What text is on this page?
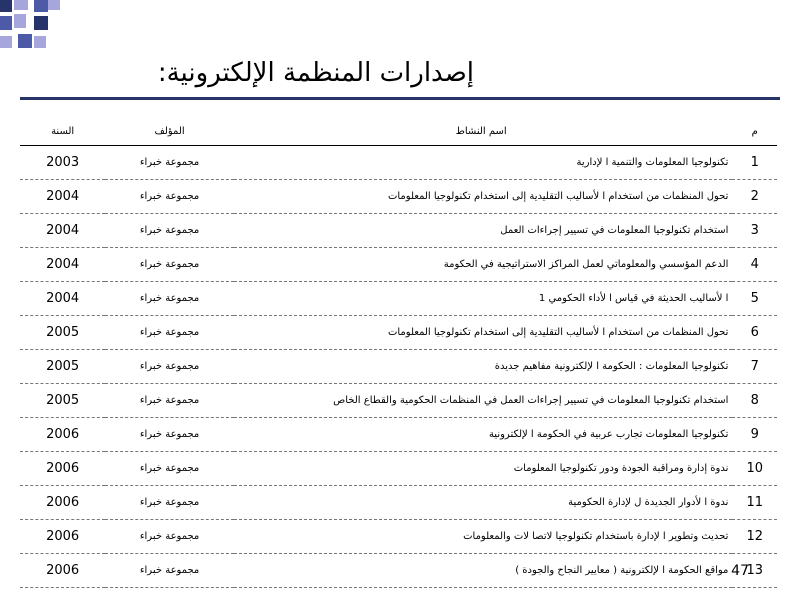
إصدارات المنظمة الإلكترونية:
م	اسم النشاط	المؤلف	السنة
1	تكنولوجيا المعلومات والتنمية ا لإدارية	مجموعة خبراء	2003
2	تحول المنظمات من استخدام ا لأساليب التقليدية إلى استخدام تكنولوجيا المعلومات	مجموعة خبراء	2004
3	استخدام تكنولوجيا المعلومات في تسيير إجراءات العمل	مجموعة خبراء	2004
4	الدعم المؤسسي والمعلوماتي لعمل المراكز الاستراتيجية في الحكومة	مجموعة خبراء	2004
5	ا لأساليب الحديثة في قياس ا لأداء الحكومي 1	مجموعة خبراء	2004
6	تحول المنظمات من استخدام ا لأساليب التقليدية إلى استخدام تكنولوجيا المعلومات	مجموعة خبراء	2005
7	تكنولوجيا المعلومات : الحكومة ا لإلكترونية مفاهيم جديدة	مجموعة خبراء	2005
8	استخدام تكنولوجيا المعلومات في تسيير إجراءات العمل في المنظمات الحكومية والقطاع الخاص	مجموعة خبراء	2005
9	تكنولوجيا المعلومات تجارب عربية في الحكومة ا لإلكترونية	مجموعة خبراء	2006
10	ندوة إدارة ومراقبة الجودة ودور تكنولوجيا المعلومات	مجموعة خبراء	2006
11	ندوة ا لأدوار الجديدة ل لإدارة الحكومية	مجموعة خبراء	2006
12	تحديث وتطوير ا لإدارة باستخدام تكنولوجيا لاتصا لات والمعلومات	مجموعة خبراء	2006
13	مواقع الحكومة ا لإلكترونية ( معايير النجاح والجودة )	مجموعة خبراء	2006	47
